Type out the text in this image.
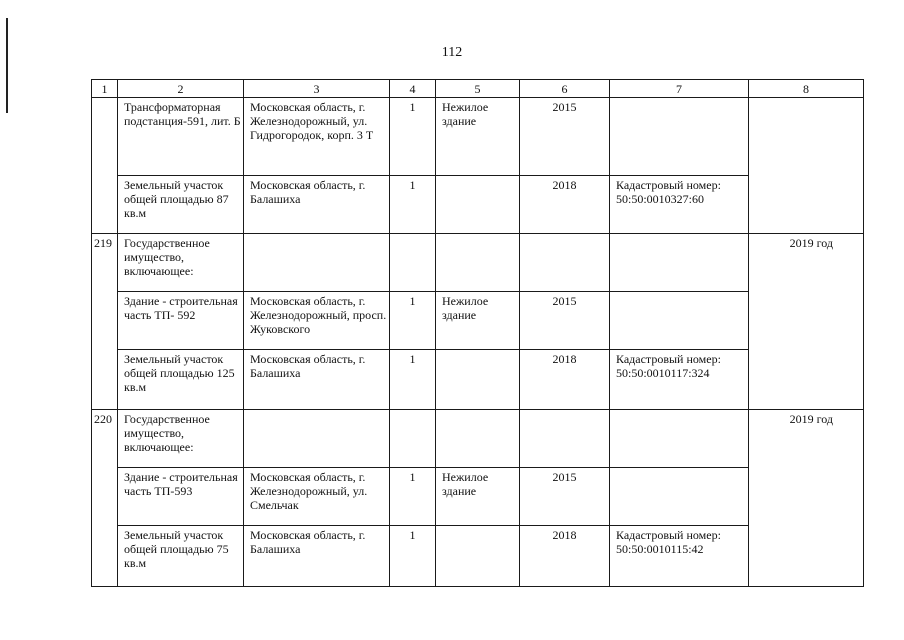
112
1	2	3	4	5	6	7	8

	Трансформаторная подстанция-591, лит. Б	Московская область, г. Железнодорожный, ул. Гидрогородок, корп. 3 Т	1	Нежилое здание	2015		

	Земельный участок общей площадью 87 кв.м	Московская область, г. Балашиха	1		2018	Кадастровый номер: 50:50:0010327:60	

219	Государственное имущество, включающее:						2019 год

	Здание - строительная часть ТП- 592	Московская область, г. Железнодорожный, просп. Жуковского	1	Нежилое здание	2015		

	Земельный участок общей площадью 125 кв.м	Московская область, г. Балашиха	1		2018	Кадастровый номер: 50:50:0010117:324	

220	Государственное имущество, включающее:						2019 год

	Здание - строительная часть ТП-593	Московская область, г. Железнодорожный, ул. Смельчак	1	Нежилое здание	2015		

	Земельный участок общей площадью 75 кв.м	Московская область, г. Балашиха	1		2018	Кадастровый номер: 50:50:0010115:42	
